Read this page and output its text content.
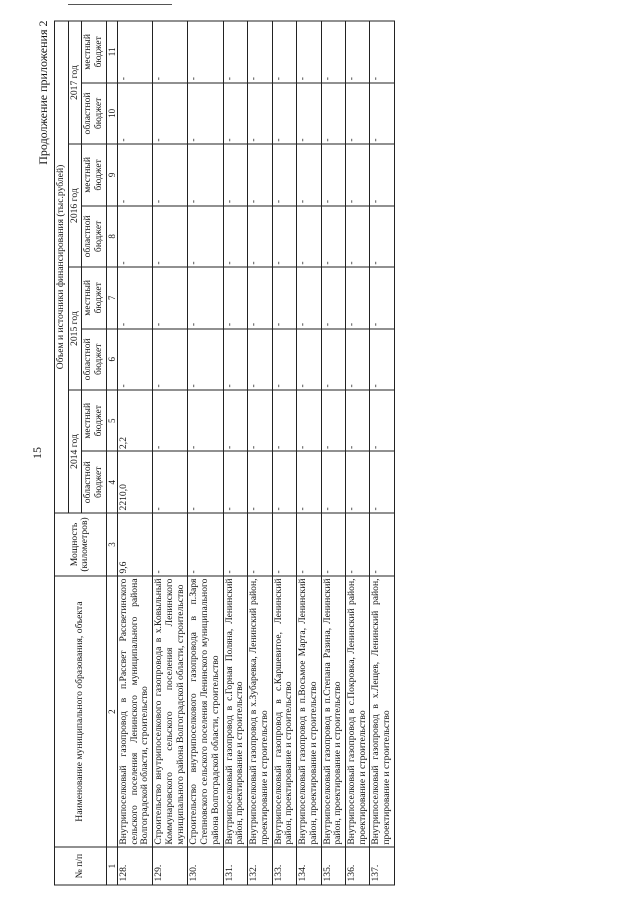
15
Продолжение приложения 2
№ п/п	Наименование муниципального образования, объекта	Мощность (километров)	Объем и источники финансирования (тыс.рублей)							
			2014 год		2015 год		2016 год		2017 год	
			областной бюджет	местный бюджет	областной бюджет	местный бюджет	областной бюджет	местный бюджет	областной бюджет	местный бюджет
1	2	3	4	5	6	7	8	9	10	11
128.	Внутрипоселковый газопровод в п.Рассвет Рассветинского сельского поселения Ленинского муниципального района Волгоградской области, строительство	9,6	2210,0	2,2	-	-	-	-	-	-
129.	Строительство внутрипоселкового газопровода в х.Ковыльный Коммунаровского сельского поселения Ленинского муниципального района Волгоградской области, строительство	-	-	-	-	-	-	-	-	-
130.	Строительство внутрипоселкового газопровода в п.Заря Степновского сельского поселения Ленинского муниципального района Волгоградской области, строительство	-	-	-	-	-	-	-	-	-
131.	Внутрипоселковый газопровод в с.Горная Поляна, Ленинский район, проектирование и строительство	-	-	-	-	-	-	-	-	-
132.	Внутрипоселковый газопровод в х.Зубаревка, Ленинский район, проектирование и строительство	-	-	-	-	-	-	-	-	-
133.	Внутрипоселковый газопровод в с.Каршевитое, Ленинский район, проектирование и строительство	-	-	-	-	-	-	-	-	-
134.	Внутрипоселковый газопровод в п.Восьмое Марта, Ленинский район, проектирование и строительство	-	-	-	-	-	-	-	-	-
135.	Внутрипоселковый газопровод в п.Степана Разина, Ленинский район, проектирование и строительство	-	-	-	-	-	-	-	-	-
136.	Внутрипоселковый газопровод в с.Покровка, Ленинский район, проектирование и строительство	-	-	-	-	-	-	-	-	-
137.	Внутрипоселковый газопровод в х.Лещев, Ленинский район, проектирование и строительство	-	-	-	-	-	-	-	-	-
